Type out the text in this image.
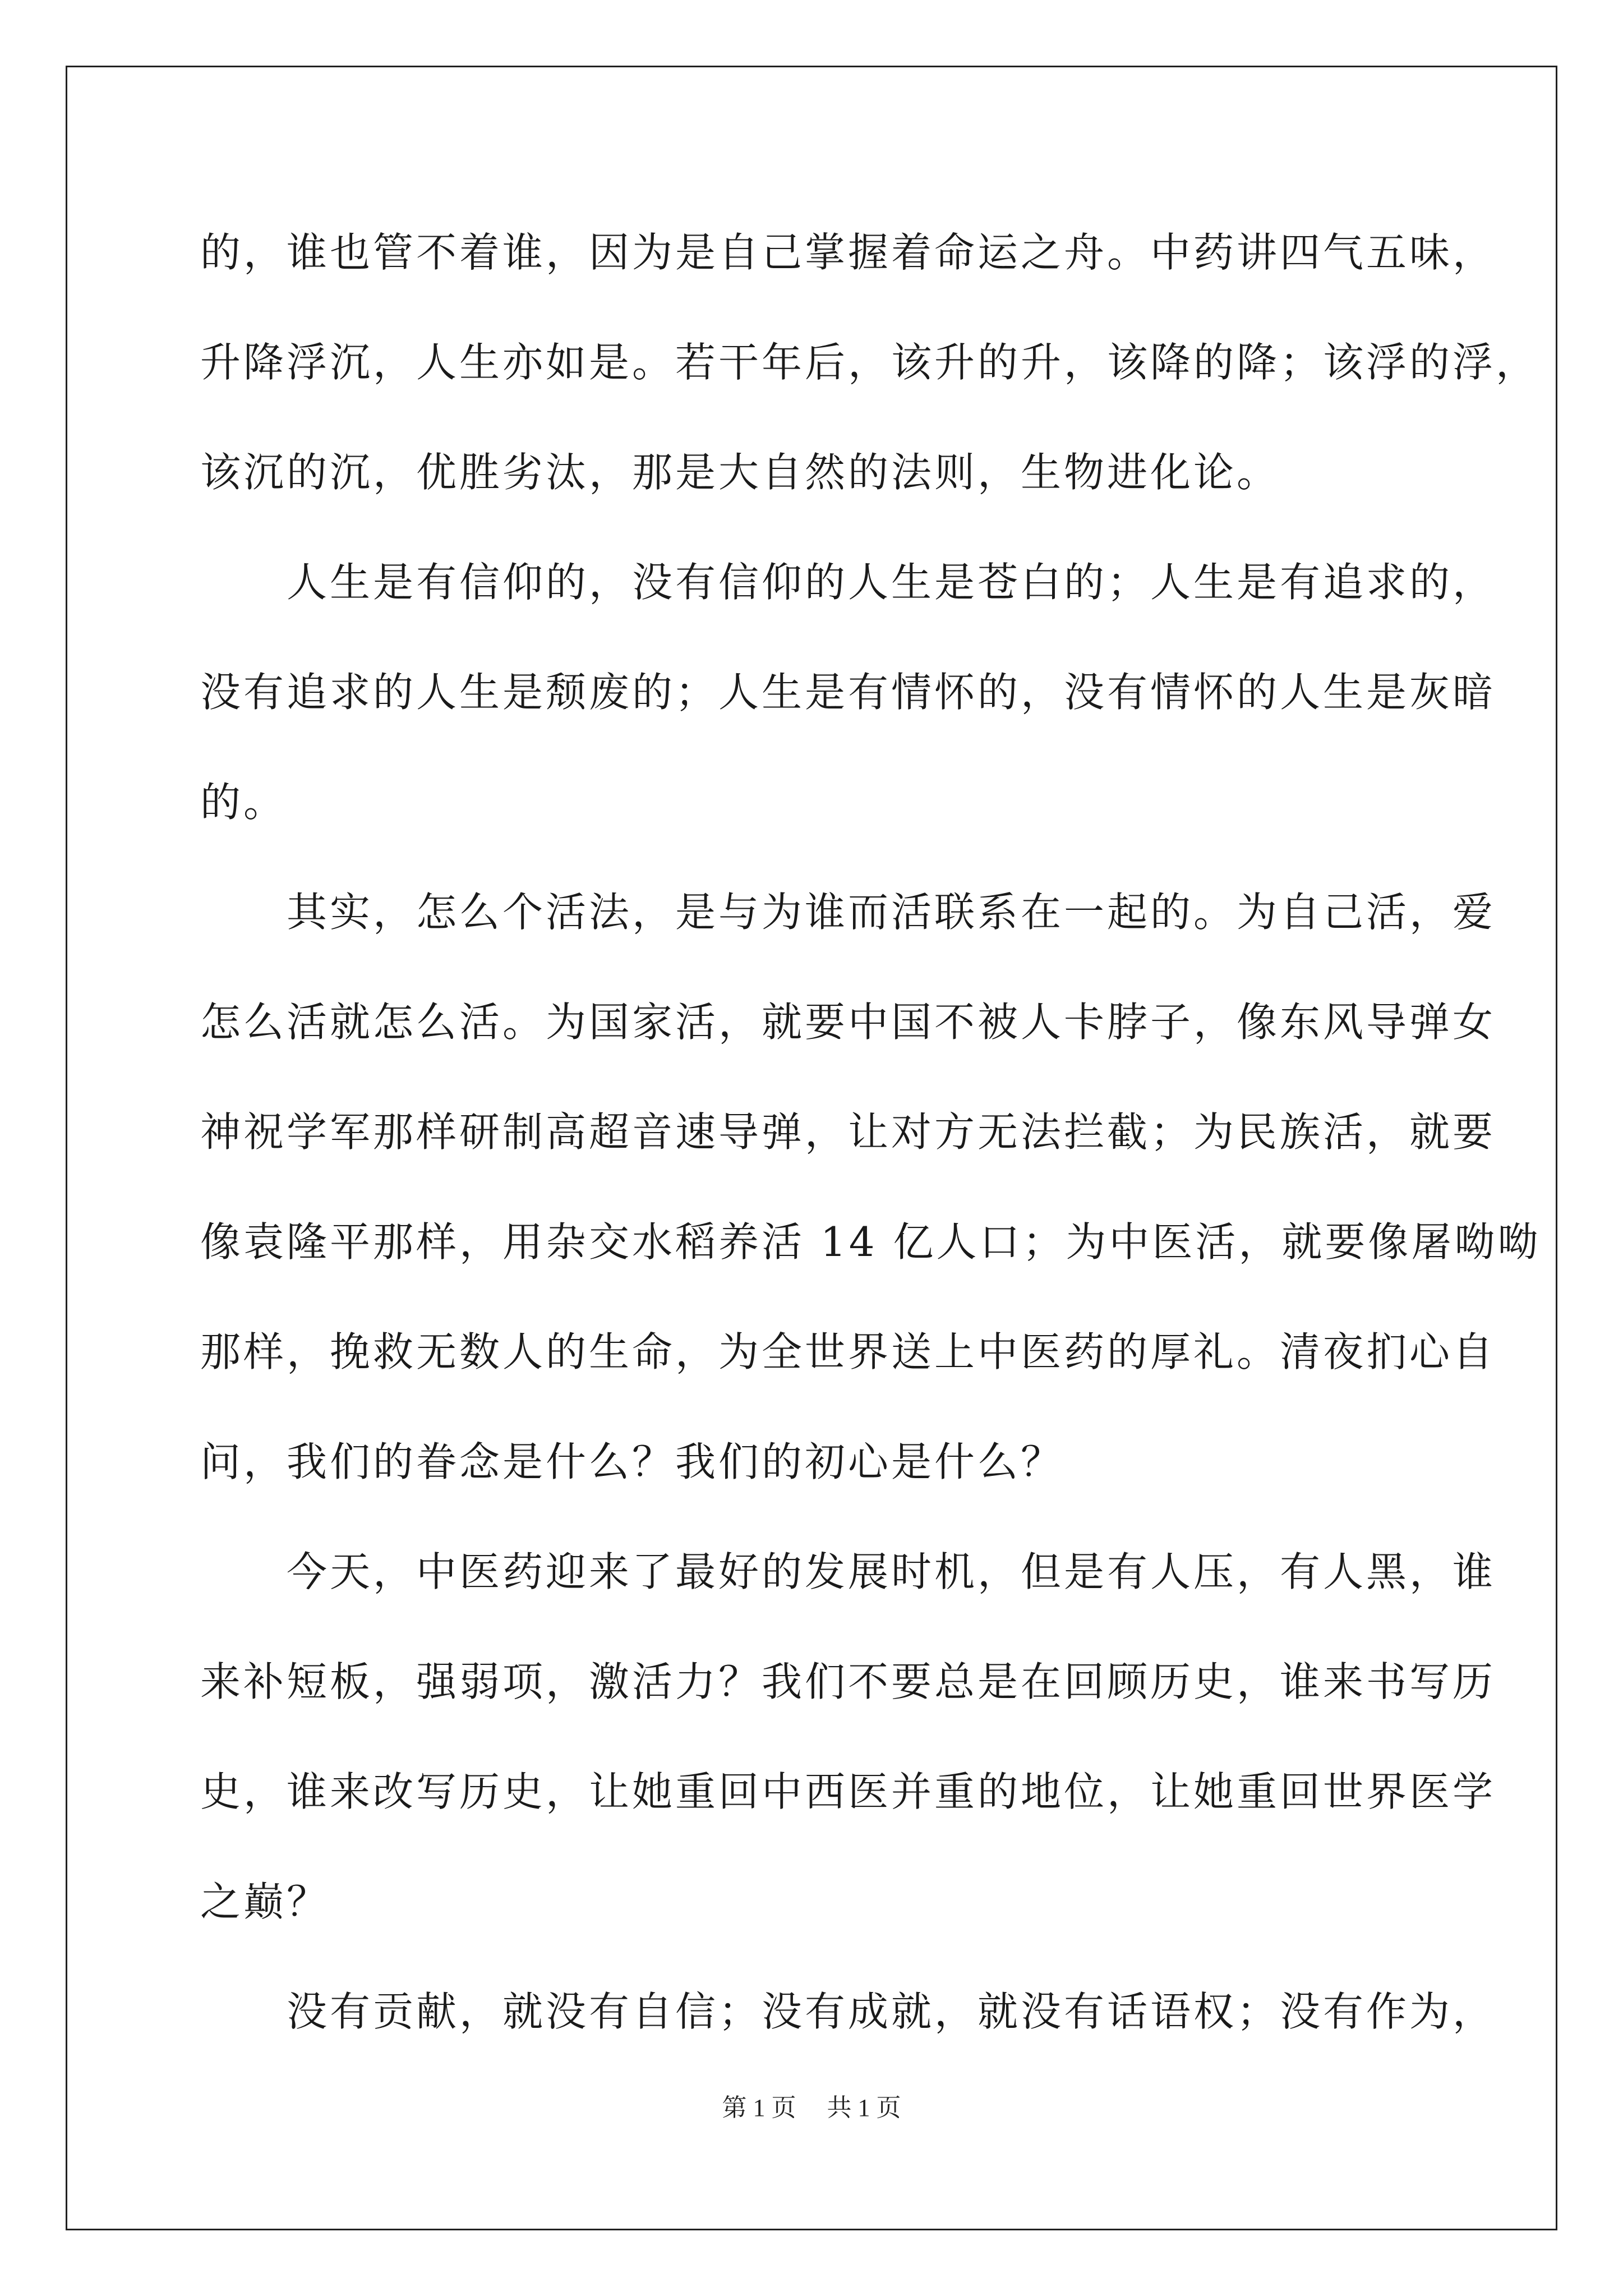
的，谁也管不着谁，因为是自己掌握着命运之舟。中药讲四气五味，
升降浮沉，人生亦如是。若干年后，该升的升，该降的降；该浮的浮，
该沉的沉，优胜劣汰，那是大自然的法则，生物进化论。
　　人生是有信仰的，没有信仰的人生是苍白的；人生是有追求的，
没有追求的人生是颓废的；人生是有情怀的，没有情怀的人生是灰暗
的。
　　其实，怎么个活法，是与为谁而活联系在一起的。为自己活，爱
怎么活就怎么活。为国家活，就要中国不被人卡脖子，像东风导弹女
神祝学军那样研制高超音速导弹，让对方无法拦截；为民族活，就要
像袁隆平那样，用杂交水稻养活 14 亿人口；为中医活，就要像屠呦呦
那样，挽救无数人的生命，为全世界送上中医药的厚礼。清夜扪心自
问，我们的眷念是什么？我们的初心是什么？
　　今天，中医药迎来了最好的发展时机，但是有人压，有人黑，谁
来补短板，强弱项，激活力？我们不要总是在回顾历史，谁来书写历
史，谁来改写历史，让她重回中西医并重的地位，让她重回世界医学
之巅？
　　没有贡献，就没有自信；没有成就，就没有话语权；没有作为，
第 1 页　 共 1 页
